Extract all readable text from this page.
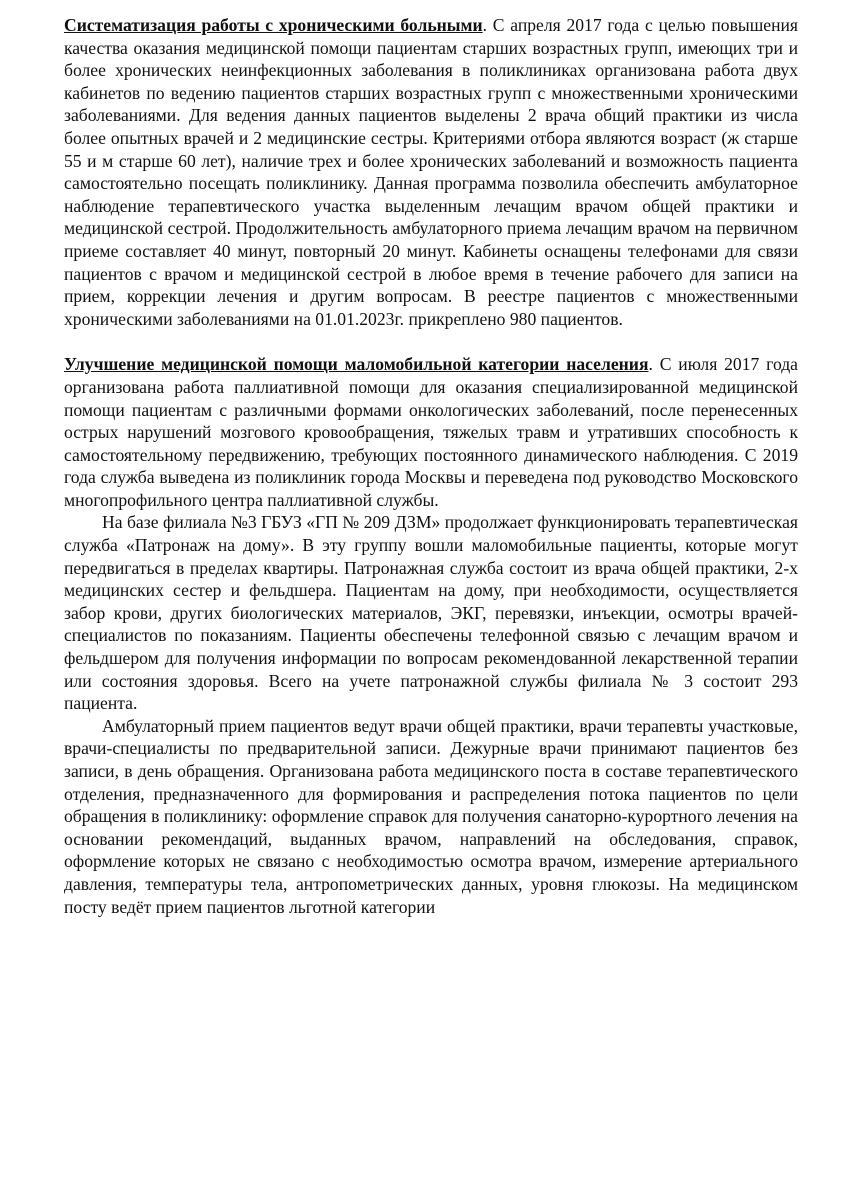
Систематизация работы с хроническими больными. С апреля 2017 года с целью повышения качества оказания медицинской помощи пациентам старших возрастных групп, имеющих три и более хронических неинфекционных заболевания в поликлиниках организована работа двух кабинетов по ведению пациентов старших возрастных групп с множественными хроническими заболеваниями. Для ведения данных пациентов выделены 2 врача общий практики из числа более опытных врачей и 2 медицинские сестры. Критериями отбора являются возраст (ж старше 55 и м старше 60 лет), наличие трех и более хронических заболеваний и возможность пациента самостоятельно посещать поликлинику. Данная программа позволила обеспечить амбулаторное наблюдение терапевтического участка выделенным лечащим врачом общей практики и медицинской сестрой. Продолжительность амбулаторного приема лечащим врачом на первичном приеме составляет 40 минут, повторный 20 минут. Кабинеты оснащены телефонами для связи пациентов с врачом и медицинской сестрой в любое время в течение рабочего для записи на прием, коррекции лечения и другим вопросам. В реестре пациентов с множественными хроническими заболеваниями на 01.01.2023г. прикреплено 980 пациентов.

Улучшение медицинской помощи маломобильной категории населения. С июля 2017 года организована работа паллиативной помощи для оказания специализированной медицинской помощи пациентам с различными формами онкологических заболеваний, после перенесенных острых нарушений мозгового кровообращения, тяжелых травм и утративших способность к самостоятельному передвижению, требующих постоянного динамического наблюдения. С 2019 года служба выведена из поликлиник города Москвы и переведена под руководство Московского многопрофильного центра паллиативной службы.

На базе филиала №3 ГБУЗ «ГП № 209 ДЗМ» продолжает функционировать терапевтическая служба «Патронаж на дому». В эту группу вошли маломобильные пациенты, которые могут передвигаться в пределах квартиры. Патронажная служба состоит из врача общей практики, 2-х медицинских сестер и фельдшера. Пациентам на дому, при необходимости, осуществляется забор крови, других биологических материалов, ЭКГ, перевязки, инъекции, осмотры врачей-специалистов по показаниям. Пациенты обеспечены телефонной связью с лечащим врачом и фельдшером для получения информации по вопросам рекомендованной лекарственной терапии или состояния здоровья. Всего на учете патронажной службы филиала № 3 состоит 293 пациента.

Амбулаторный прием пациентов ведут врачи общей практики, врачи терапевты участковые, врачи-специалисты по предварительной записи. Дежурные врачи принимают пациентов без записи, в день обращения. Организована работа медицинского поста в составе терапевтического отделения, предназначенного для формирования и распределения потока пациентов по цели обращения в поликлинику: оформление справок для получения санаторно-курортного лечения на основании рекомендаций, выданных врачом, направлений на обследования, справок, оформление которых не связано с необходимостью осмотра врачом, измерение артериального давления, температуры тела, антропометрических данных, уровня глюкозы. На медицинском посту ведёт прием пациентов льготной категории
